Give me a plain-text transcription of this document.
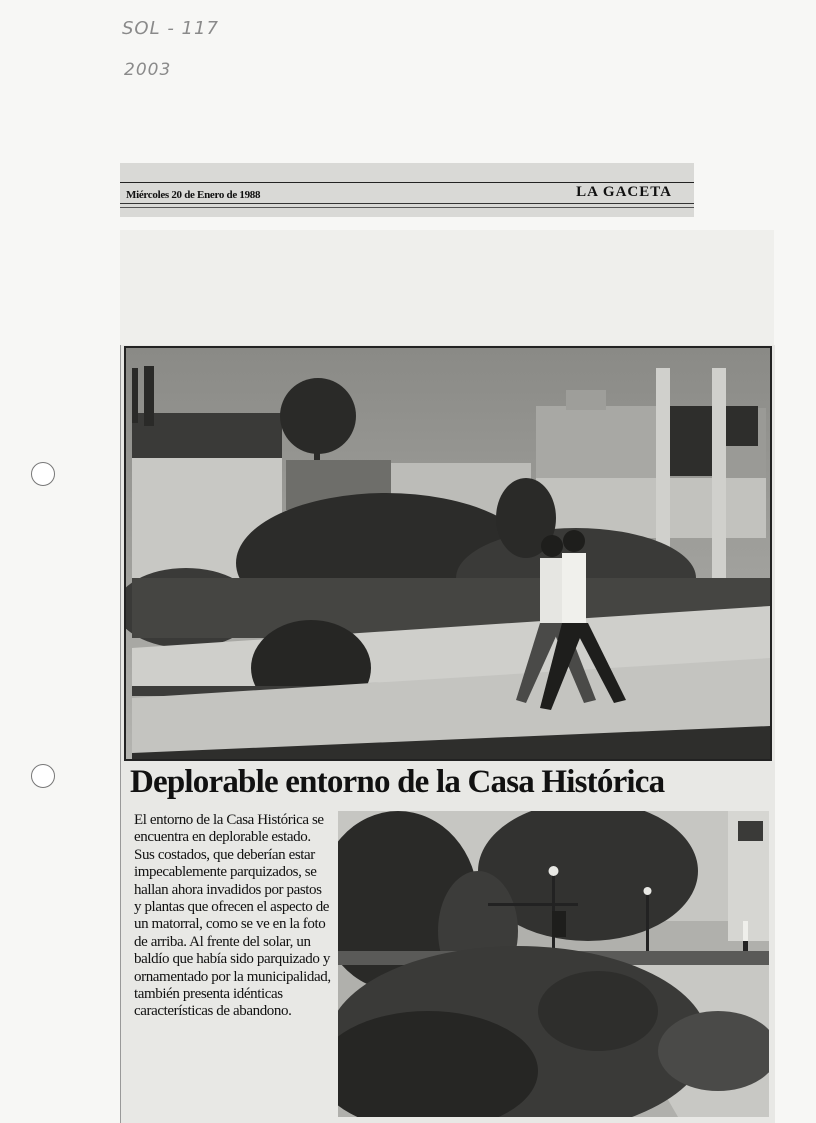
SOL - 117
2003
Miércoles 20 de Enero de 1988	LA GACETA
Deplorable entorno de la Casa Histórica
El entorno de la Casa Histórica se encuentra en deplorable estado. Sus costados, que deberían estar impecablemente parquizados, se hallan ahora invadidos por pastos y plantas que ofrecen el aspecto de un matorral, como se ve en la foto de arriba. Al frente del solar, un baldío que había sido parquizado y ornamentado por la municipalidad, también presenta idénticas características de abandono.
